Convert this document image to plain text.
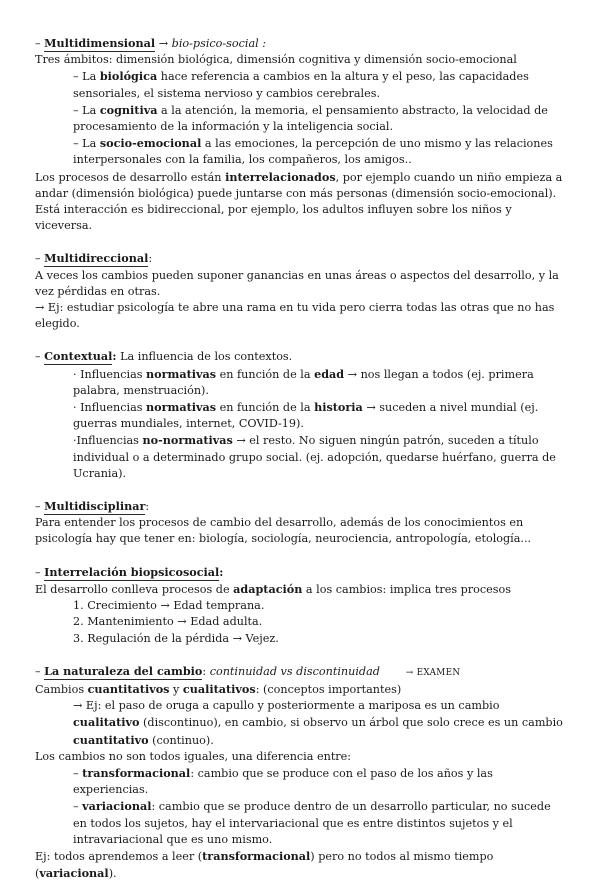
– Multidimensional → bio-psico-social :

Tres ámbitos: dimensión biológica, dimensión cognitiva y dimensión socio-emocional

– La biológica hace referencia a cambios en la altura y el peso, las capacidades sensoriales, el sistema nervioso y cambios cerebrales.

– La cognitiva a la atención, la memoria, el pensamiento abstracto, la velocidad de procesamiento de la información y la inteligencia social.

– La socio-emocional a las emociones, la percepción de uno mismo y las relaciones interpersonales con la familia, los compañeros, los amigos..

Los procesos de desarrollo están interrelacionados, por ejemplo cuando un niño empieza a andar (dimensión biológica) puede juntarse con más personas (dimensión socio-emocional). Está interacción es bidireccional, por ejemplo, los adultos influyen sobre los niños y viceversa.

– Multidireccional:

A veces los cambios pueden suponer ganancias en unas áreas o aspectos del desarrollo, y la vez pérdidas en otras.

→ Ej: estudiar psicología te abre una rama en tu vida pero cierra todas las otras que no has elegido.

– Contextual: La influencia de los contextos.

· Influencias normativas en función de la edad → nos llegan a todos (ej. primera palabra, menstruación).

· Influencias normativas en función de la historia → suceden a nivel mundial (ej. guerras mundiales, internet, COVID-19).

·Influencias no-normativas → el resto. No siguen ningún patrón, suceden a título individual o a determinado grupo social. (ej. adopción, quedarse huérfano, guerra de Ucrania).

– Multidisciplinar:

Para entender los procesos de cambio del desarrollo, además de los conocimientos en psicología hay que tener en: biología, sociología, neurociencia, antropología, etología...

– Interrelación biopsicosocial:

El desarrollo conlleva procesos de adaptación a los cambios: implica tres procesos

1. Crecimiento → Edad temprana.

2. Mantenimiento → Edad adulta.

3. Regulación de la pérdida → Vejez.

– La naturaleza del cambio: continuidad vs discontinuidad	→ EXAMEN

Cambios cuantitativos y cualitativos: (conceptos importantes)

→ Ej: el paso de oruga a capullo y posteriormente a mariposa es un cambio cualitativo (discontinuo), en cambio, si observo un árbol que solo crece es un cambio cuantitativo (continuo).

Los cambios no son todos iguales, una diferencia entre:

– transformacional: cambio que se produce con el paso de los años y las experiencias.

– variacional: cambio que se produce dentro de un desarrollo particular, no sucede en todos los sujetos, hay el intervariacional que es entre distintos sujetos y el intravariacional que es uno mismo.

Ej: todos aprendemos a leer (transformacional) pero no todos al mismo tiempo (variacional).
